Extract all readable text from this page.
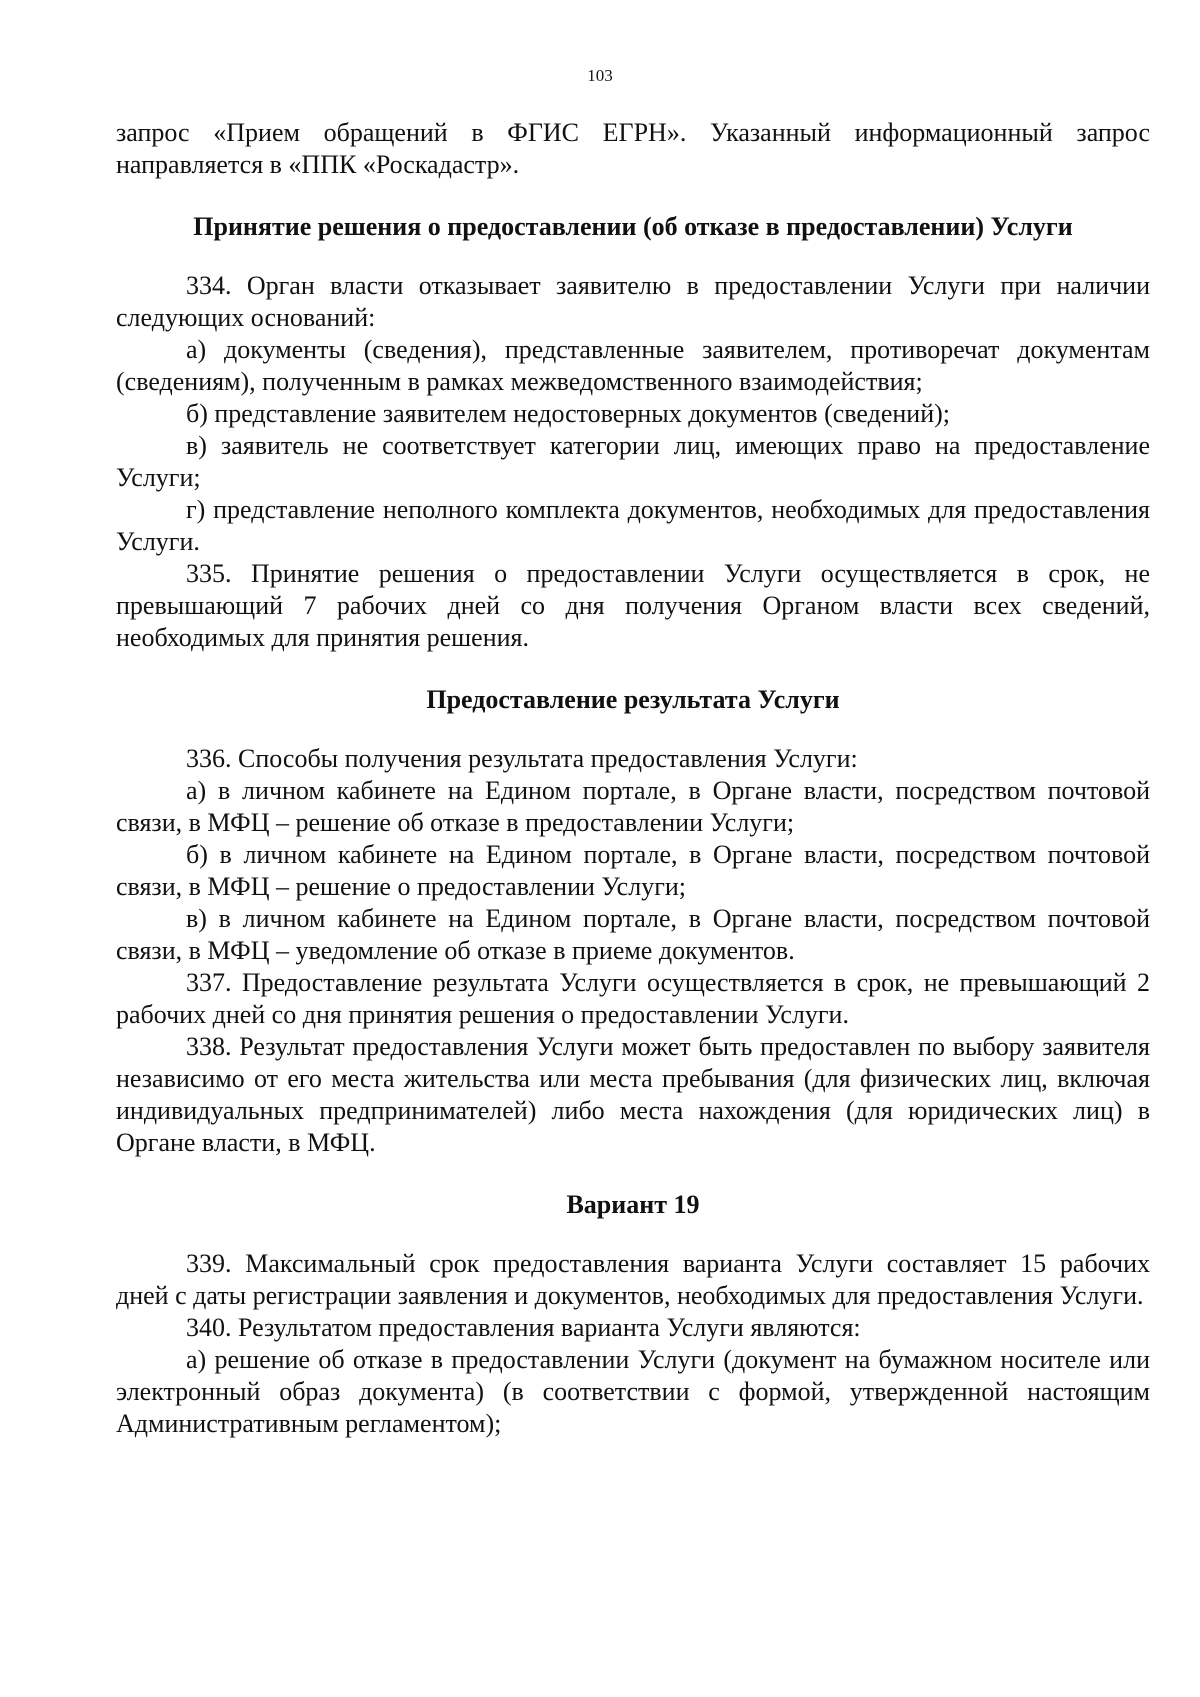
103

запрос «Прием обращений в ФГИС ЕГРН». Указанный информационный запрос направляется в «ППК «Роскадастр».

Принятие решения о предоставлении (об отказе в предоставлении) Услуги

334. Орган власти отказывает заявителю в предоставлении Услуги при наличии следующих оснований:

а) документы (сведения), представленные заявителем, противоречат документам (сведениям), полученным в рамках межведомственного взаимодействия;

б) представление заявителем недостоверных документов (сведений);

в) заявитель не соответствует категории лиц, имеющих право на предоставление Услуги;

г) представление неполного комплекта документов, необходимых для предоставления Услуги.

335. Принятие решения о предоставлении Услуги осуществляется в срок, не превышающий 7 рабочих дней со дня получения Органом власти всех сведений, необходимых для принятия решения.

Предоставление результата Услуги

336. Способы получения результата предоставления Услуги:

а) в личном кабинете на Едином портале, в Органе власти, посредством почтовой связи, в МФЦ – решение об отказе в предоставлении Услуги;

б) в личном кабинете на Едином портале, в Органе власти, посредством почтовой связи, в МФЦ – решение о предоставлении Услуги;

в) в личном кабинете на Едином портале, в Органе власти, посредством почтовой связи, в МФЦ – уведомление об отказе в приеме документов.

337. Предоставление результата Услуги осуществляется в срок, не превышающий 2 рабочих дней со дня принятия решения о предоставлении Услуги.

338. Результат предоставления Услуги может быть предоставлен по выбору заявителя независимо от его места жительства или места пребывания (для физических лиц, включая индивидуальных предпринимателей) либо места нахождения (для юридических лиц) в Органе власти, в МФЦ.

Вариант 19

339. Максимальный срок предоставления варианта Услуги составляет 15 рабочих дней с даты регистрации заявления и документов, необходимых для предоставления Услуги.

340. Результатом предоставления варианта Услуги являются:

а) решение об отказе в предоставлении Услуги (документ на бумажном носителе или электронный образ документа) (в соответствии с формой, утвержденной настоящим Административным регламентом);
